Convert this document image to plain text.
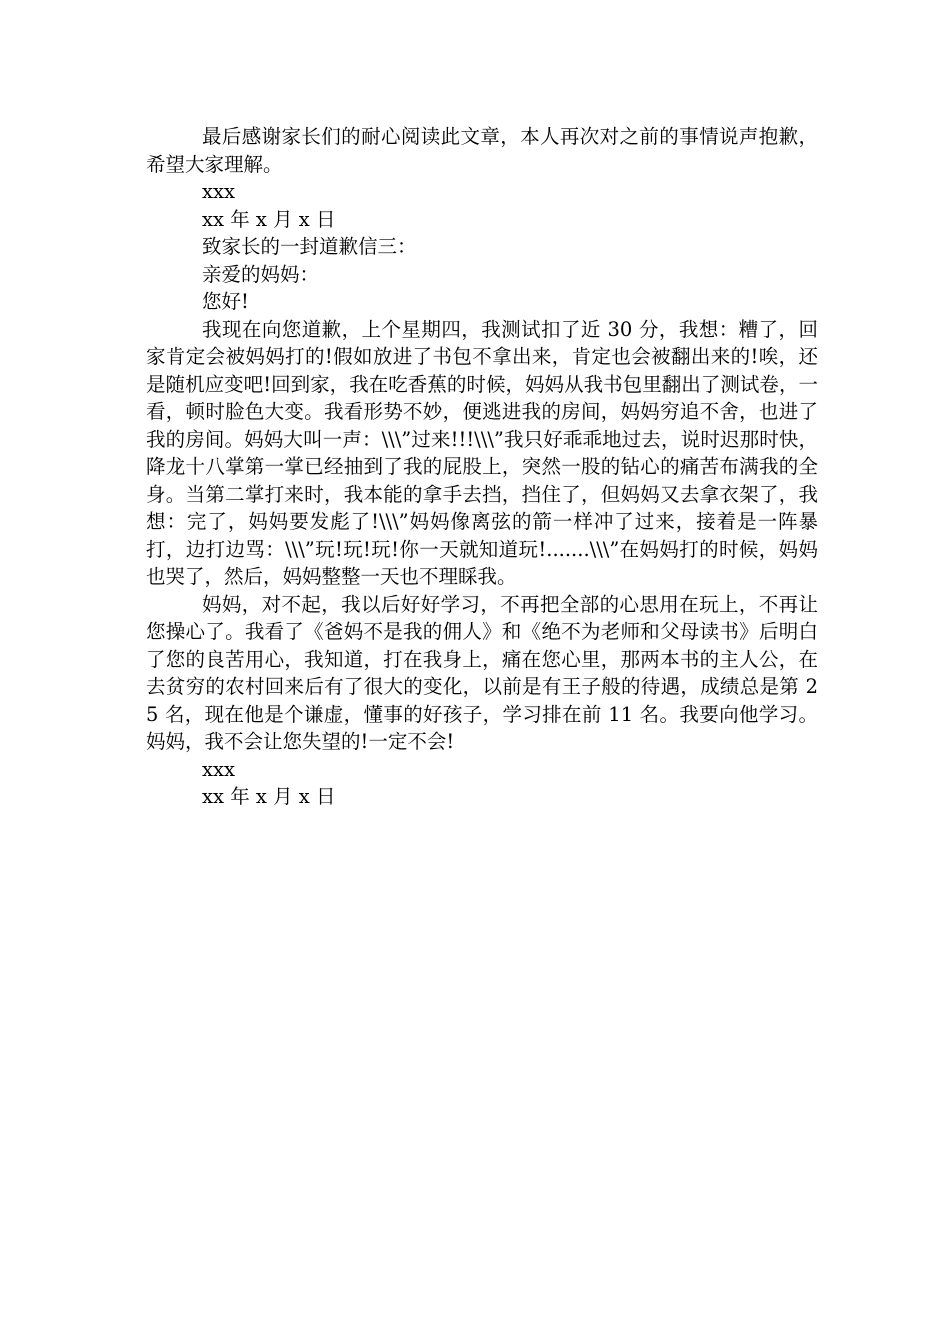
最后感谢家长们的耐心阅读此文章，本人再次对之前的事情说声抱歉，希望大家理解。

xxx

xx 年 x 月 x 日

致家长的一封道歉信三：

亲爱的妈妈：

您好!

我现在向您道歉，上个星期四，我测试扣了近 30 分，我想：糟了，回家肯定会被妈妈打的!假如放进了书包不拿出来，肯定也会被翻出来的!唉，还是随机应变吧!回到家，我在吃香蕉的时候，妈妈从我书包里翻出了测试卷，一看，顿时脸色大变。我看形势不妙，便逃进我的房间，妈妈穷追不舍，也进了我的房间。妈妈大叫一声：\\\”过来!!!\\\”我只好乖乖地过去，说时迟那时快，降龙十八掌第一掌已经抽到了我的屁股上，突然一股的钻心的痛苦布满我的全身。当第二掌打来时，我本能的拿手去挡，挡住了，但妈妈又去拿衣架了，我想：完了，妈妈要发彪了!\\\”妈妈像离弦的箭一样冲了过来，接着是一阵暴打，边打边骂：\\\”玩!玩!玩!你一天就知道玩!.......\\\”在妈妈打的时候，妈妈也哭了，然后，妈妈整整一天也不理睬我。

妈妈，对不起，我以后好好学习，不再把全部的心思用在玩上，不再让您操心了。我看了《爸妈不是我的佣人》和《绝不为老师和父母读书》后明白了您的良苦用心，我知道，打在我身上，痛在您心里，那两本书的主人公，在去贫穷的农村回来后有了很大的变化，以前是有王子般的待遇，成绩总是第 25 名，现在他是个谦虚，懂事的好孩子，学习排在前 11 名。我要向他学习。妈妈，我不会让您失望的!一定不会!

xxx

xx 年 x 月 x 日
